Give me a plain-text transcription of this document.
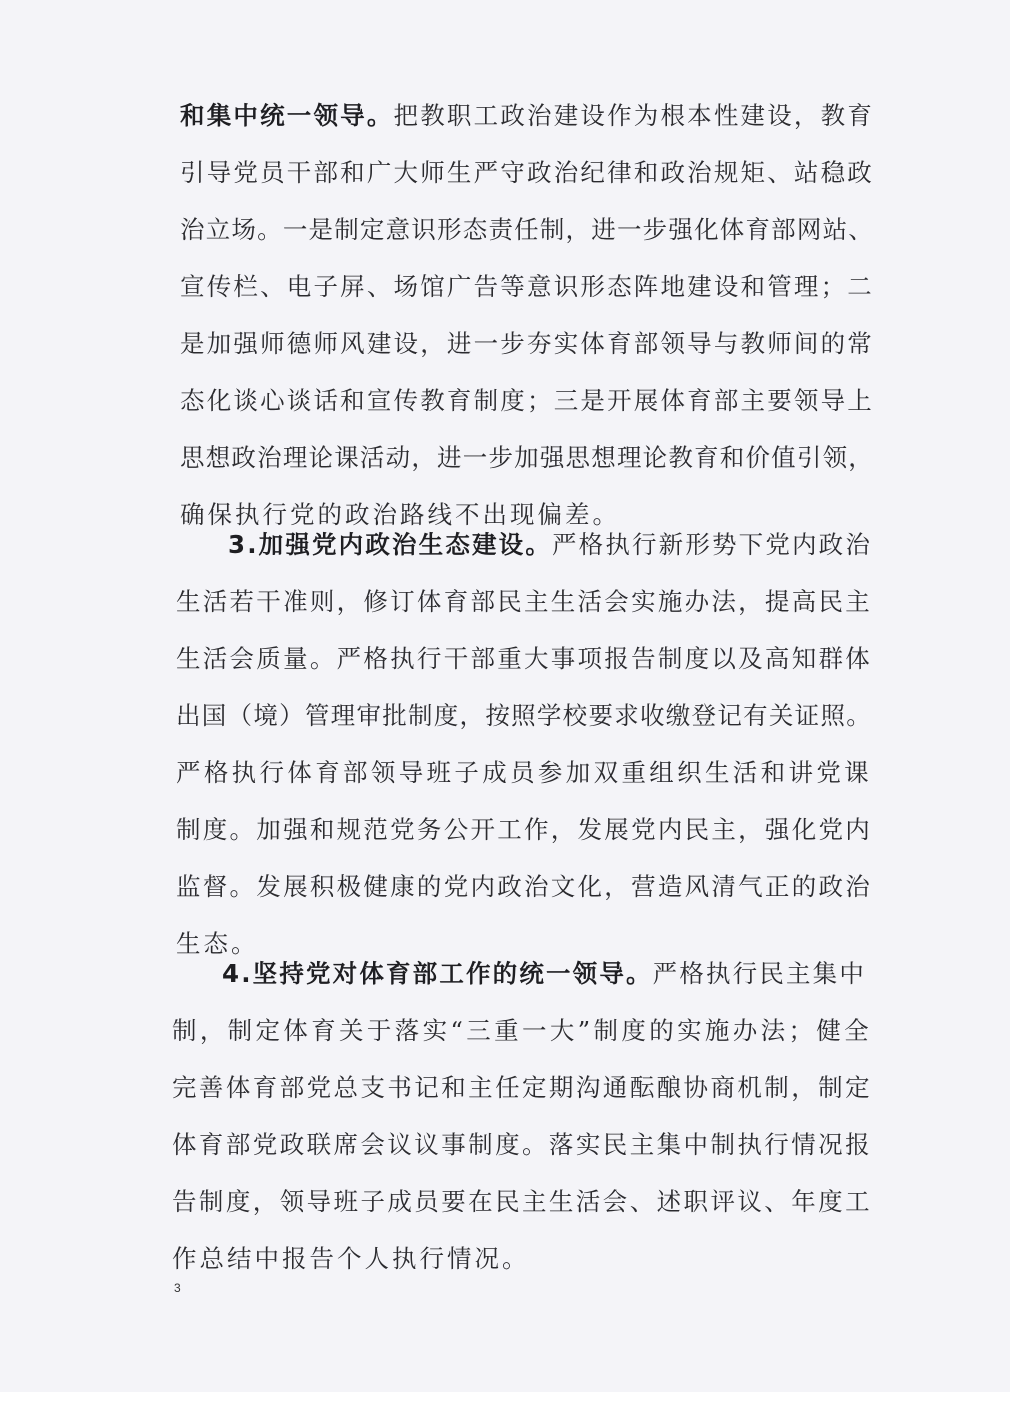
和集中统一领导。把教职工政治建设作为根本性建设，教育
引导党员干部和广大师生严守政治纪律和政治规矩、站稳政
治立场。一是制定意识形态责任制，进一步强化体育部网站、
宣传栏、电子屏、场馆广告等意识形态阵地建设和管理；二
是加强师德师风建设，进一步夯实体育部领导与教师间的常
态化谈心谈话和宣传教育制度；三是开展体育部主要领导上
思想政治理论课活动，进一步加强思想理论教育和价值引领，
确保执行党的政治路线不出现偏差。
3.加强党内政治生态建设。严格执行新形势下党内政治
生活若干准则，修订体育部民主生活会实施办法，提高民主
生活会质量。严格执行干部重大事项报告制度以及高知群体
出国（境）管理审批制度，按照学校要求收缴登记有关证照。
严格执行体育部领导班子成员参加双重组织生活和讲党课
制度。加强和规范党务公开工作，发展党内民主，强化党内
监督。发展积极健康的党内政治文化，营造风清气正的政治
生态。
4.坚持党对体育部工作的统一领导。严格执行民主集中
制，制定体育关于落实“三重一大”制度的实施办法；健全
完善体育部党总支书记和主任定期沟通酝酿协商机制，制定
体育部党政联席会议议事制度。落实民主集中制执行情况报
告制度，领导班子成员要在民主生活会、述职评议、年度工
作总结中报告个人执行情况。
3
